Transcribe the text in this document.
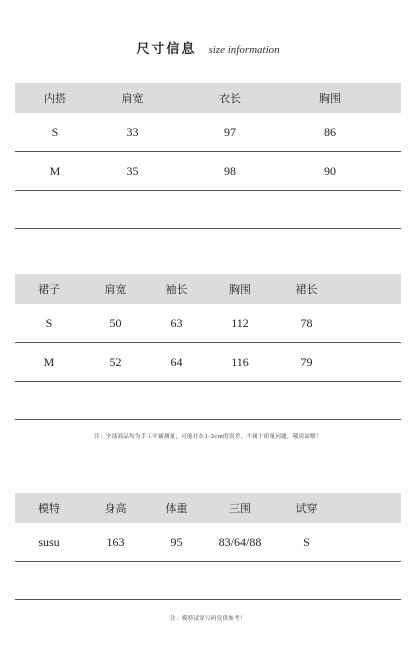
尺寸信息 size information
内搭	肩宽	衣长	胸围
S	33	97	86
M	35	98	90
裙子	肩宽	袖长	胸围	裙长
S	50	63	112	78
M	52	64	116	79
注：全部商品均为手工平铺测量，可能存在1-3cm的误差，不属于质量问题，敬请谅解！
模特	身高	体重	三围	试穿
susu	163	95	83/64/88	S
注：模特试穿尺码仅供参考！
